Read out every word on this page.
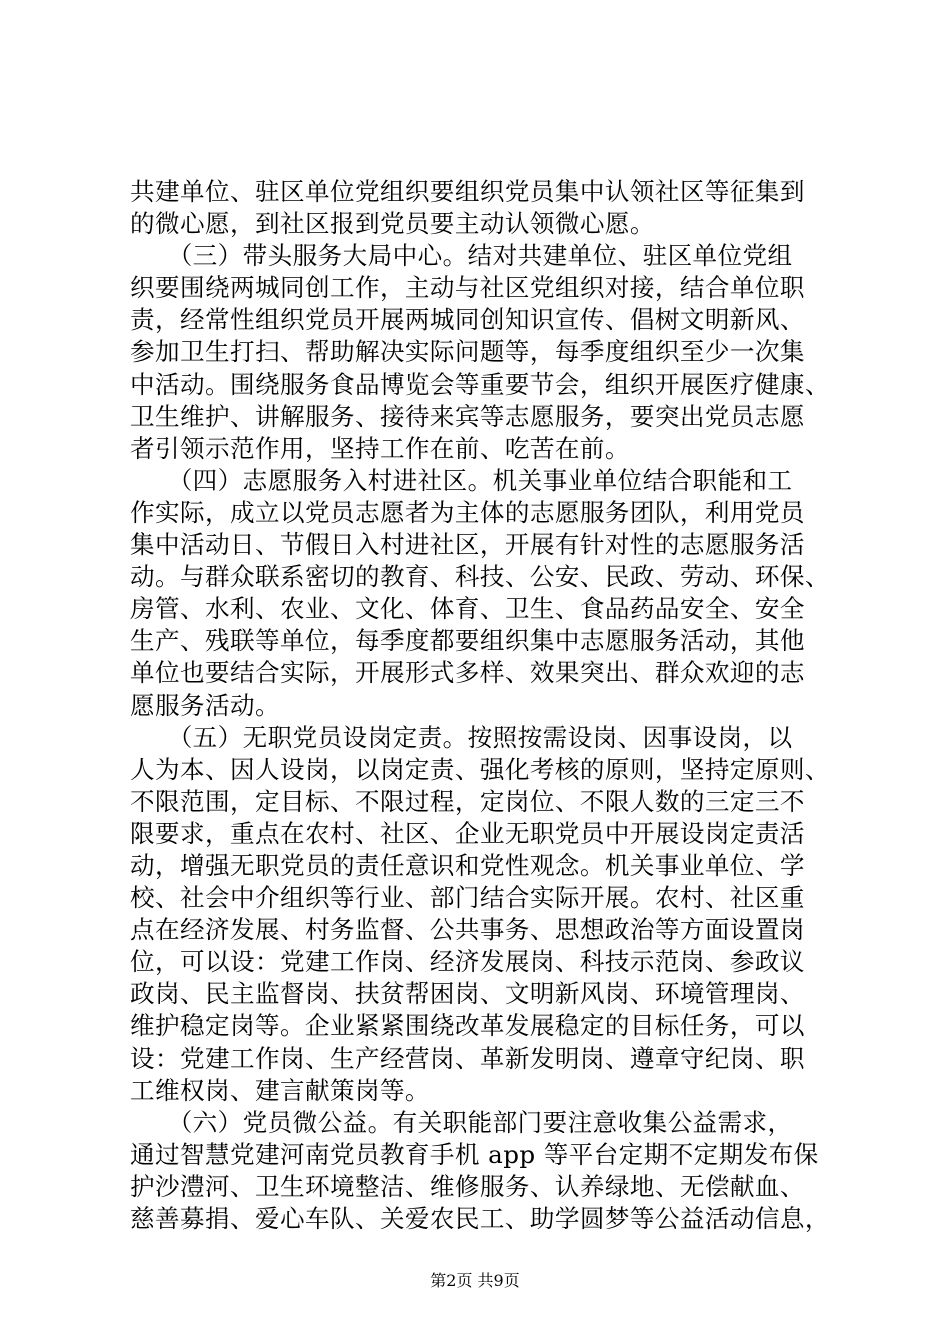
共建单位、驻区单位党组织要组织党员集中认领社区等征集到
的微心愿，到社区报到党员要主动认领微心愿。
　　（三）带头服务大局中心。结对共建单位、驻区单位党组
织要围绕两城同创工作，主动与社区党组织对接，结合单位职
责，经常性组织党员开展两城同创知识宣传、倡树文明新风、
参加卫生打扫、帮助解决实际问题等，每季度组织至少一次集
中活动。围绕服务食品博览会等重要节会，组织开展医疗健康、
卫生维护、讲解服务、接待来宾等志愿服务，要突出党员志愿
者引领示范作用，坚持工作在前、吃苦在前。
　　（四）志愿服务入村进社区。机关事业单位结合职能和工
作实际，成立以党员志愿者为主体的志愿服务团队，利用党员
集中活动日、节假日入村进社区，开展有针对性的志愿服务活
动。与群众联系密切的教育、科技、公安、民政、劳动、环保、
房管、水利、农业、文化、体育、卫生、食品药品安全、安全
生产、残联等单位，每季度都要组织集中志愿服务活动，其他
单位也要结合实际，开展形式多样、效果突出、群众欢迎的志
愿服务活动。
　　（五）无职党员设岗定责。按照按需设岗、因事设岗，以
人为本、因人设岗，以岗定责、强化考核的原则，坚持定原则、
不限范围，定目标、不限过程，定岗位、不限人数的三定三不
限要求，重点在农村、社区、企业无职党员中开展设岗定责活
动，增强无职党员的责任意识和党性观念。机关事业单位、学
校、社会中介组织等行业、部门结合实际开展。农村、社区重
点在经济发展、村务监督、公共事务、思想政治等方面设置岗
位，可以设：党建工作岗、经济发展岗、科技示范岗、参政议
政岗、民主监督岗、扶贫帮困岗、文明新风岗、环境管理岗、
维护稳定岗等。企业紧紧围绕改革发展稳定的目标任务，可以
设：党建工作岗、生产经营岗、革新发明岗、遵章守纪岗、职
工维权岗、建言献策岗等。
　　（六）党员微公益。有关职能部门要注意收集公益需求，
通过智慧党建河南党员教育手机 app 等平台定期不定期发布保
护沙澧河、卫生环境整洁、维修服务、认养绿地、无偿献血、
慈善募捐、爱心车队、关爱农民工、助学圆梦等公益活动信息，
第2页 共9页
